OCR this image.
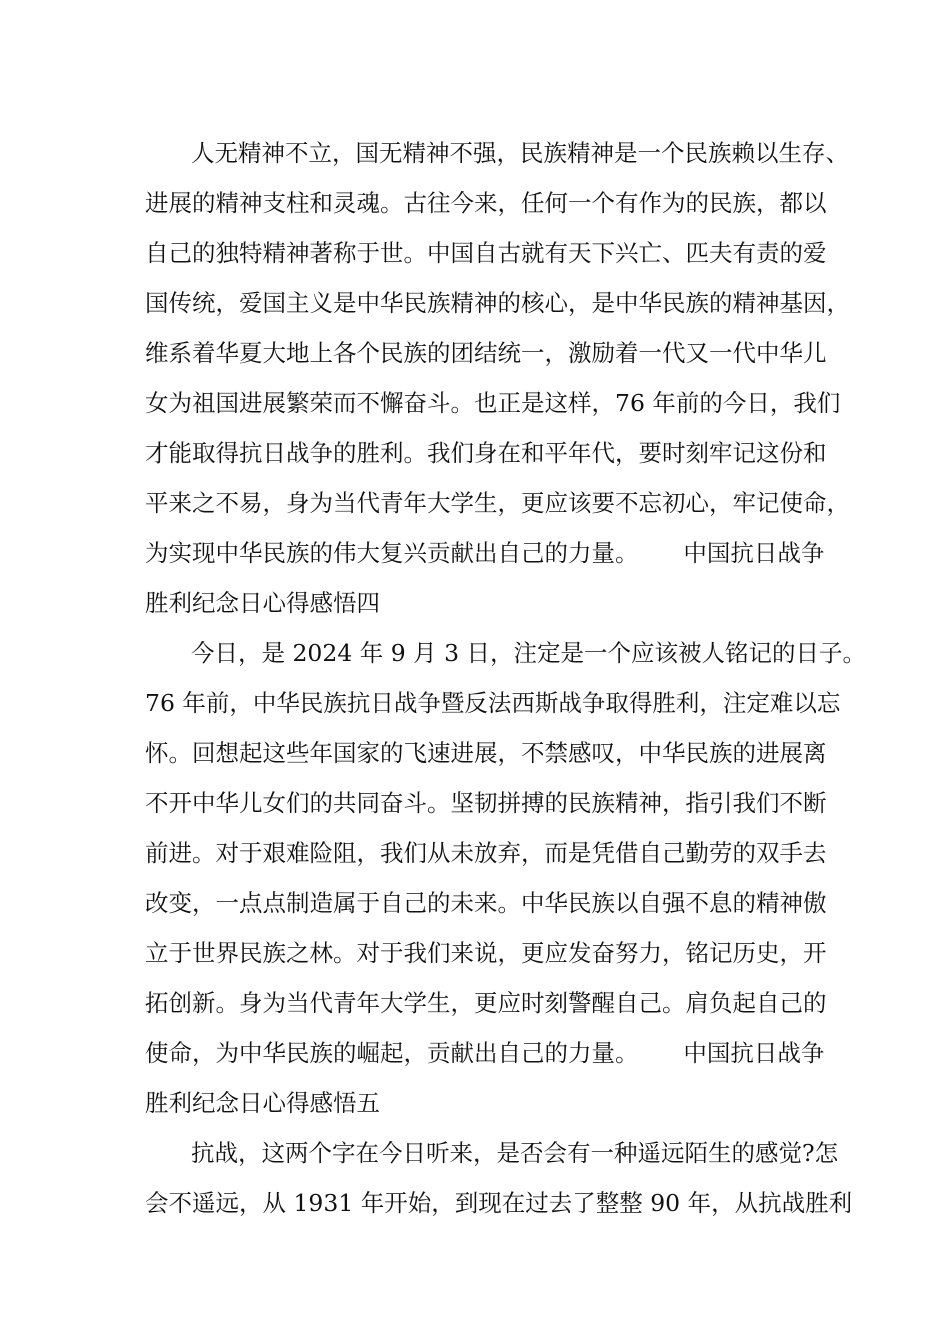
人无精神不立，国无精神不强，民族精神是一个民族赖以生存、
进展的精神支柱和灵魂。古往今来，任何一个有作为的民族，都以
自己的独特精神著称于世。中国自古就有天下兴亡、匹夫有责的爱
国传统，爱国主义是中华民族精神的核心，是中华民族的精神基因，
维系着华夏大地上各个民族的团结统一，激励着一代又一代中华儿
女为祖国进展繁荣而不懈奋斗。也正是这样，76 年前的今日，我们
才能取得抗日战争的胜利。我们身在和平年代，要时刻牢记这份和
平来之不易，身为当代青年大学生，更应该要不忘初心，牢记使命，
为实现中华民族的伟大复兴贡献出自己的力量。      中国抗日战争
胜利纪念日心得感悟四
今日，是 2024 年 9 月 3 日，注定是一个应该被人铭记的日子。
76 年前，中华民族抗日战争暨反法西斯战争取得胜利，注定难以忘
怀。回想起这些年国家的飞速进展，不禁感叹，中华民族的进展离
不开中华儿女们的共同奋斗。坚韧拼搏的民族精神，指引我们不断
前进。对于艰难险阻，我们从未放弃，而是凭借自己勤劳的双手去
改变，一点点制造属于自己的未来。中华民族以自强不息的精神傲
立于世界民族之林。对于我们来说，更应发奋努力，铭记历史，开
拓创新。身为当代青年大学生，更应时刻警醒自己。肩负起自己的
使命，为中华民族的崛起，贡献出自己的力量。      中国抗日战争
胜利纪念日心得感悟五
抗战，这两个字在今日听来，是否会有一种遥远陌生的感觉?怎
会不遥远，从 1931 年开始，到现在过去了整整 90 年，从抗战胜利
